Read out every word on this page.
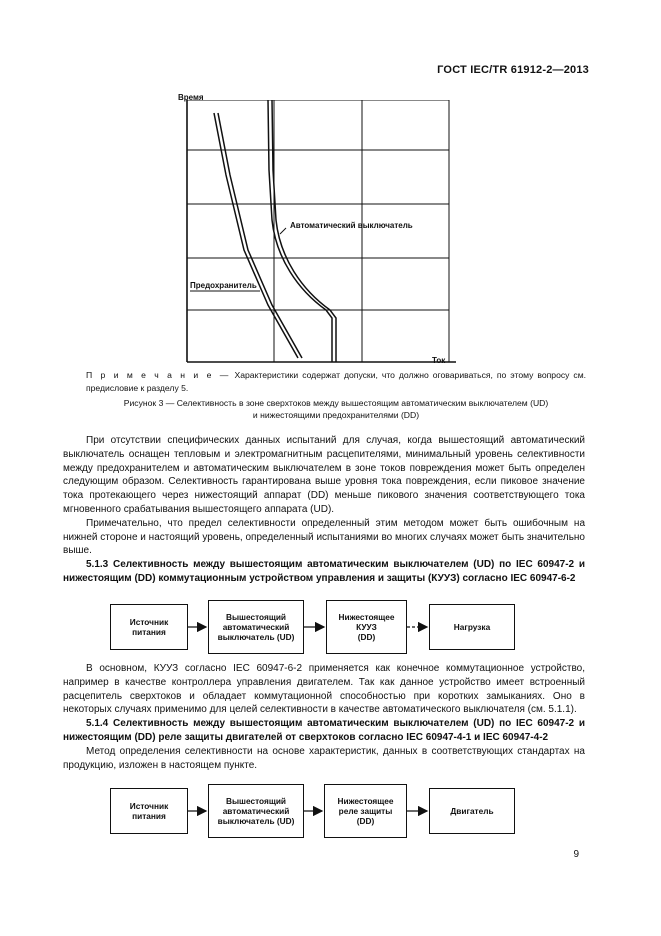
ГОСТ IEC/TR 61912-2—2013
Время
Ток
Автоматический выключатель
Предохранитель
П р и м е ч а н и е — Характеристики содержат допуски, что должно оговариваться, по этому вопросу см. предисловие к разделу 5.
Рисунок 3 — Селективность в зоне сверхтоков между вышестоящим автоматическим выключателем (UD)
и нижестоящими предохранителями (DD)

При отсутствии специфических данных испытаний для случая, когда вышестоящий автоматический выключатель оснащен тепловым и электромагнитным расцепителями, минимальный уровень селективности между предохранителем и автоматическим выключателем в зоне токов повреждения может быть определен следующим образом. Селективность гарантирована выше уровня тока повреждения, если пиковое значение тока протекающего через нижестоящий аппарат (DD) меньше пикового значения соответствующего тока мгновенного срабатывания вышестоящего аппарата (UD).

Примечательно, что предел селективности определенный этим методом может быть ошибочным на нижней стороне и настоящий уровень, определенный испытаниями во многих случаях может быть значительно выше.

5.1.3 Селективность между вышестоящим автоматическим выключателем (UD) по IEC 60947-2 и нижестоящим (DD) коммутационным устройством управления и защиты (КУУЗ) согласно IEC 60947-6-2

Источник
питания
Вышестоящий
автоматический
выключатель (UD)
Нижестоящее
КУУЗ
(DD)
Нагрузка

В основном, КУУЗ согласно IEC 60947-6-2 применяется как конечное коммутационное устройство, например в качестве контроллера управления двигателем. Так как данное устройство имеет встроенный расцепитель сверхтоков и обладает коммутационной способностью при коротких замыканиях. Оно в некоторых случаях применимо для целей селективности в качестве автоматического выключателя (см. 5.1.1).

5.1.4 Селективность между вышестоящим автоматическим выключателем (UD) по IEC 60947-2 и нижестоящим (DD) реле защиты двигателей от сверхтоков согласно IEC 60947-4-1 и IEC 60947-4-2

Метод определения селективности на основе характеристик, данных в соответствующих стандартах на продукцию, изложен в настоящем пункте.

Источник
питания
Вышестоящий
автоматический
выключатель (UD)
Нижестоящее
реле защиты
(DD)
Двигатель
9
